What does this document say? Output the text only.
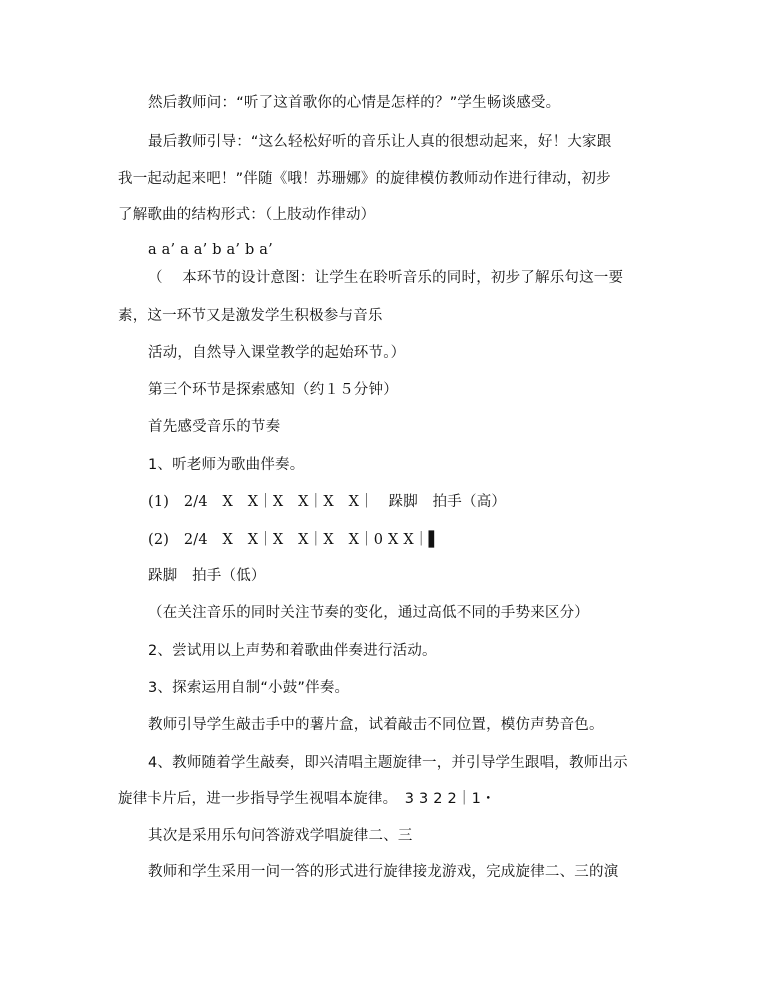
然后教师问：“听了这首歌你的心情是怎样的？”学生畅谈感受。
最后教师引导：“这么轻松好听的音乐让人真的很想动起来，好！大家跟
我一起动起来吧！”伴随《哦！苏珊娜》的旋律模仿教师动作进行律动，初步
了解歌曲的结构形式：（上肢动作律动）
a a’ a a’ b a’ b a’
（　 本环节的设计意图：让学生在聆听音乐的同时，初步了解乐句这一要
素，这一环节又是激发学生积极参与音乐
活动，自然导入课堂教学的起始环节。）
第三个环节是探索感知（约１５分钟）
首先感受音乐的节奏
1、听老师为歌曲伴奏。
(1)　2/4　X　X｜X　X｜X　X｜　跺脚　拍手（高）
(2)　2/4　X　X｜X　X｜X　X｜0 X X｜▌
跺脚　拍手（低）
（在关注音乐的同时关注节奏的变化，通过高低不同的手势来区分）
2、尝试用以上声势和着歌曲伴奏进行活动。
3、探索运用自制“小鼓”伴奏。
教师引导学生敲击手中的薯片盒，试着敲击不同位置，模仿声势音色。
4、教师随着学生敲奏，即兴清唱主题旋律一，并引导学生跟唱，教师出示
旋律卡片后，进一步指导学生视唱本旋律。　3 3 2 2｜1・
其次是采用乐句问答游戏学唱旋律二、三
教师和学生采用一问一答的形式进行旋律接龙游戏，完成旋律二、三的演
